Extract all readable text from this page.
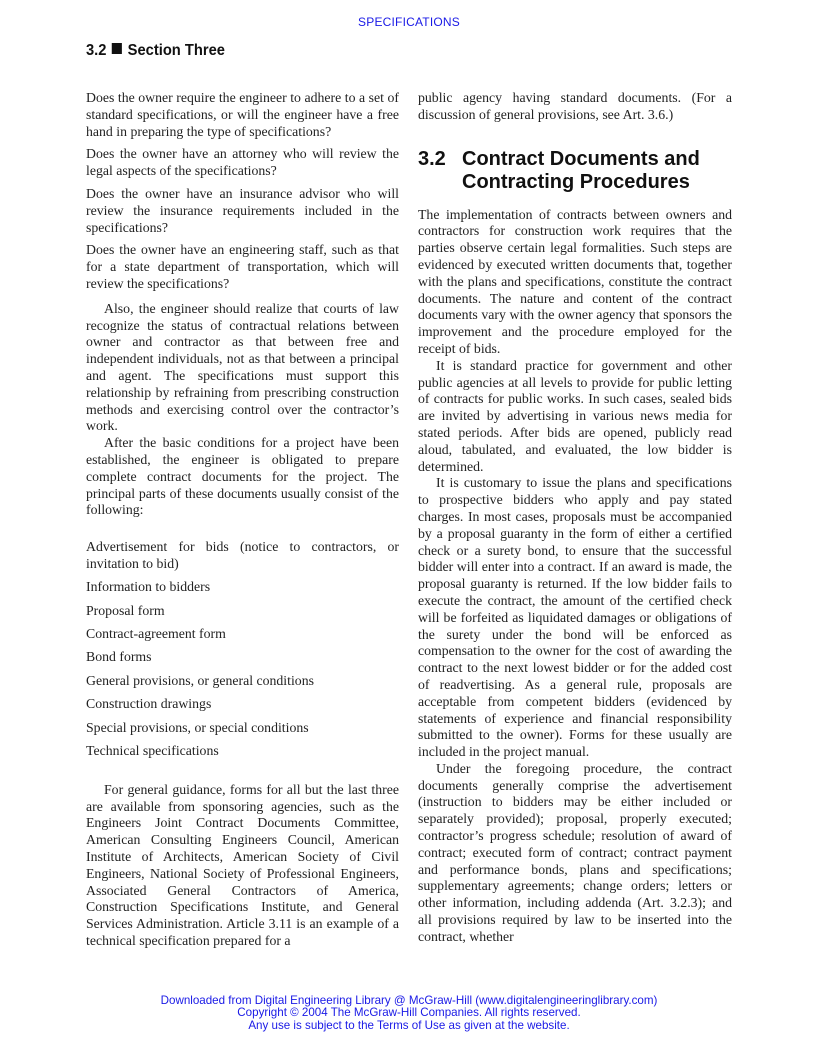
SPECIFICATIONS
3.2 Section Three

Does the owner require the engineer to adhere to a set of standard specifications, or will the engineer have a free hand in preparing the type of specifications?

Does the owner have an attorney who will review the legal aspects of the specifications?

Does the owner have an insurance advisor who will review the insurance requirements included in the specifications?

Does the owner have an engineering staff, such as that for a state department of transportation, which will review the specifications?

Also, the engineer should realize that courts of law recognize the status of contractual relations between owner and contractor as that between free and independent individuals, not as that between a principal and agent. The specifications must support this relationship by refraining from prescribing construction methods and exercising control over the contractor’s work.

After the basic conditions for a project have been established, the engineer is obligated to prepare complete contract documents for the project. The principal parts of these documents usually consist of the following:

Advertisement for bids (notice to contractors, or invitation to bid)
Information to bidders
Proposal form
Contract-agreement form
Bond forms
General provisions, or general conditions
Construction drawings
Special provisions, or special conditions
Technical specifications

For general guidance, forms for all but the last three are available from sponsoring agencies, such as the Engineers Joint Contract Documents Committee, American Consulting Engineers Council, American Institute of Architects, American Society of Civil Engineers, National Society of Professional Engineers, Associated General Contractors of America, Construction Specifications Institute, and General Services Administration. Article 3.11 is an example of a technical specification prepared for a

public agency having standard documents. (For a discussion of general provisions, see Art. 3.6.)

3.2 Contract Documents and Contracting Procedures

The implementation of contracts between owners and contractors for construction work requires that the parties observe certain legal formalities. Such steps are evidenced by executed written documents that, together with the plans and specifications, constitute the contract documents. The nature and content of the contract documents vary with the owner agency that sponsors the improvement and the procedure employed for the receipt of bids.

It is standard practice for government and other public agencies at all levels to provide for public letting of contracts for public works. In such cases, sealed bids are invited by advertising in various news media for stated periods. After bids are opened, publicly read aloud, tabulated, and evaluated, the low bidder is determined.

It is customary to issue the plans and specifications to prospective bidders who apply and pay stated charges. In most cases, proposals must be accompanied by a proposal guaranty in the form of either a certified check or a surety bond, to ensure that the successful bidder will enter into a contract. If an award is made, the proposal guaranty is returned. If the low bidder fails to execute the contract, the amount of the certified check will be forfeited as liquidated damages or obligations of the surety under the bond will be enforced as compensation to the owner for the cost of awarding the contract to the next lowest bidder or for the added cost of readvertising. As a general rule, proposals are acceptable from competent bidders (evidenced by statements of experience and financial responsibility submitted to the owner). Forms for these usually are included in the project manual.

Under the foregoing procedure, the contract documents generally comprise the advertisement (instruction to bidders may be either included or separately provided); proposal, properly executed; contractor’s progress schedule; resolution of award of contract; executed form of contract; contract payment and performance bonds, plans and specifications; supplementary agreements; change orders; letters or other information, including addenda (Art. 3.2.3); and all provisions required by law to be inserted into the contract, whether

Downloaded from Digital Engineering Library @ McGraw-Hill (www.digitalengineeringlibrary.com)
Copyright © 2004 The McGraw-Hill Companies. All rights reserved.
Any use is subject to the Terms of Use as given at the website.
